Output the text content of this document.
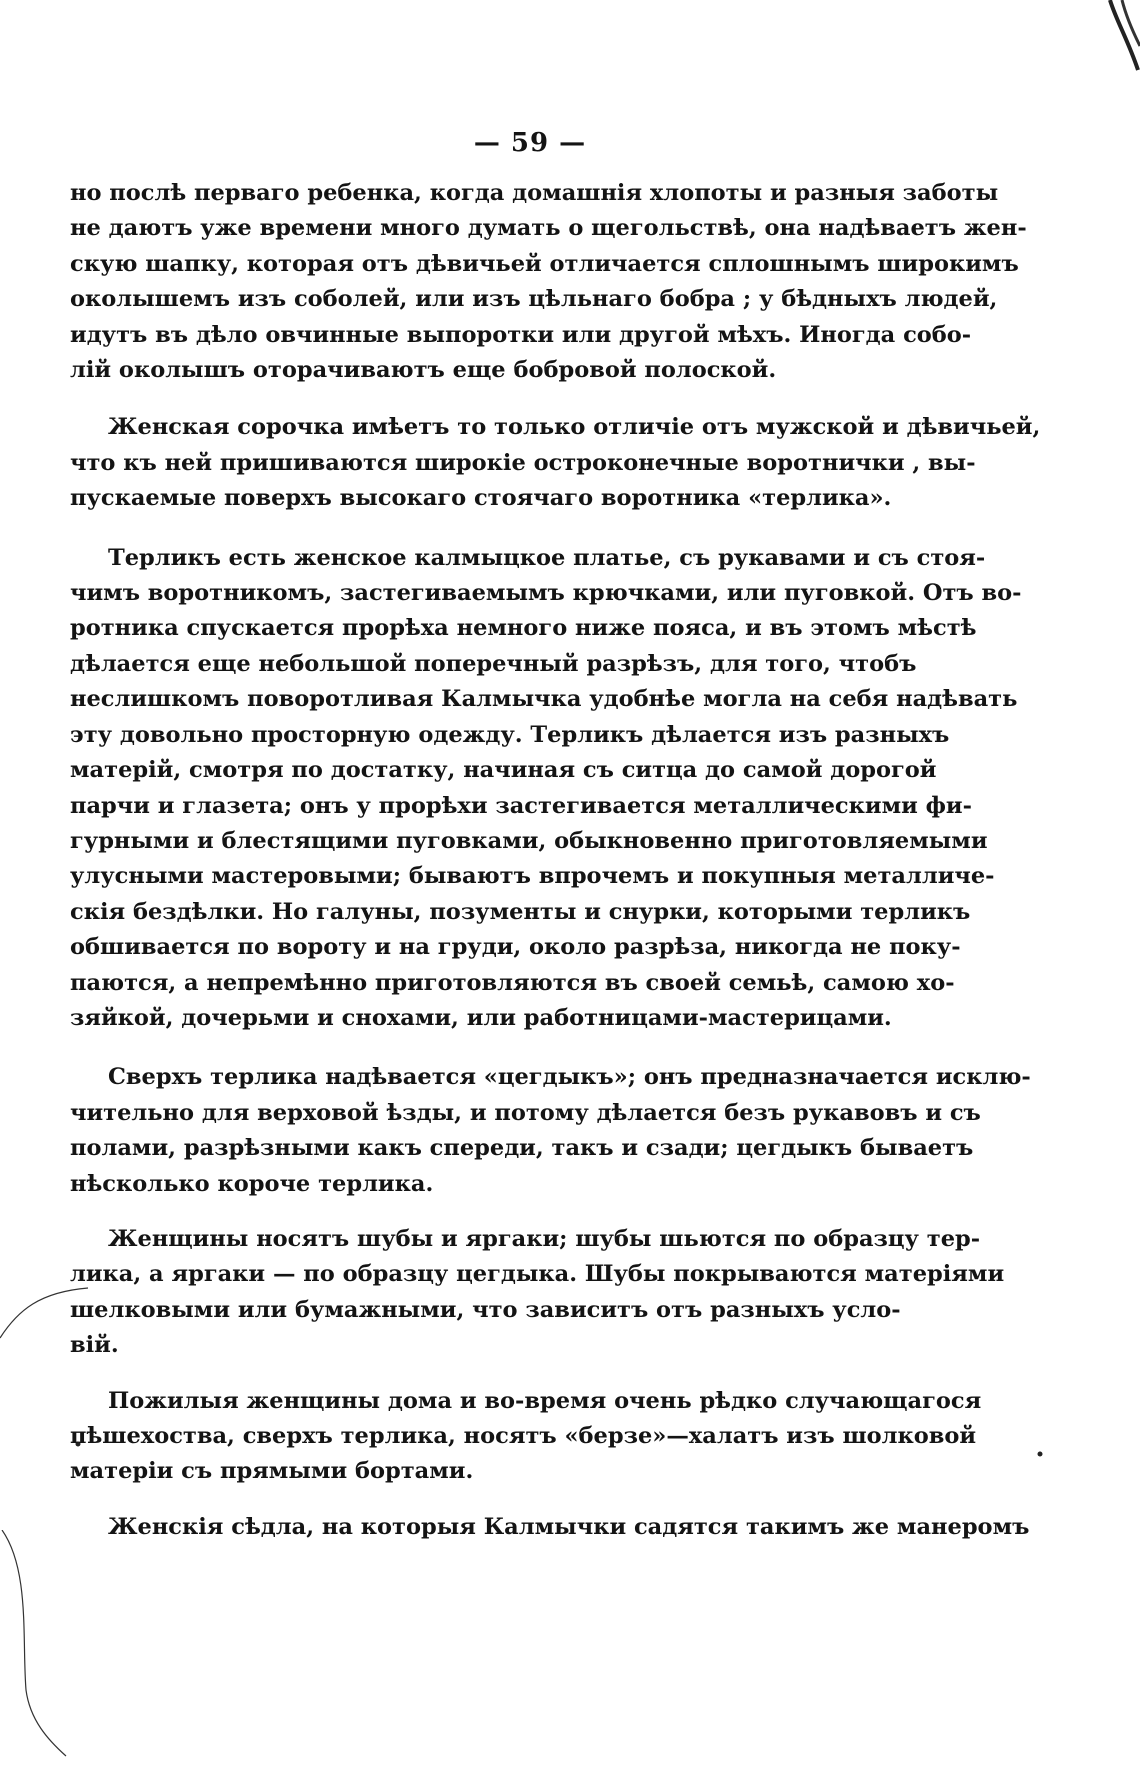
— 59 —

но послѣ перваго ребенка, когда домашнія хлопоты и разныя заботы
не даютъ уже времени много думать о щегольствѣ, она надѣваетъ жен-
скую шапку, которая отъ дѣвичьей отличается сплошнымъ широкимъ
околышемъ изъ соболей, или изъ цѣльнаго бобра ; у бѣдныхъ людей,
идутъ въ дѣло овчинные выпоротки или другой мѣхъ. Иногда собо-
лій околышъ оторачиваютъ еще бобровой полоской.

Женская сорочка имѣетъ то только отличіе отъ мужской и дѣвичьей,
что къ ней пришиваются широкіе остроконечные воротнички , вы-
пускаемые поверхъ высокаго стоячаго воротника «терлика».

Терликъ есть женское калмыцкое платье, съ рукавами и съ стоя-
чимъ воротникомъ, застегиваемымъ крючками, или пуговкой. Отъ во-
ротника спускается прорѣха немного ниже пояса, и въ этомъ мѣстѣ
дѣлается еще небольшой поперечный разрѣзъ, для того, чтобъ
неслишкомъ поворотливая Калмычка удобнѣе могла на себя надѣвать
эту довольно просторную одежду. Терликъ дѣлается изъ разныхъ
матерій, смотря по достатку, начиная съ ситца до самой дорогой
парчи и глазета; онъ у прорѣхи застегивается металлическими фи-
гурными и блестящими пуговками, обыкновенно приготовляемыми
улусными мастеровыми; бываютъ впрочемъ и покупныя металличе-
скія бездѣлки. Но галуны, позументы и снурки, которыми терликъ
обшивается по вороту и на груди, около разрѣза, никогда не поку-
паются, а непремѣнно приготовляются въ своей семьѣ, самою хо-
зяйкой, дочерьми и снохами, или работницами-мастерицами.

Сверхъ терлика надѣвается «цегдыкъ»; онъ предназначается исклю-
чительно для верховой ѣзды, и потому дѣлается безъ рукавовъ и съ
полами, разрѣзными какъ спереди, такъ и сзади; цегдыкъ бываетъ
нѣсколько короче терлика.

Женщины носятъ шубы и яргаки; шубы шьются по образцу тер-
лика, а яргаки — по образцу цегдыка. Шубы покрываются матеріями
шелковыми или бумажными, что зависитъ отъ разныхъ усло-
вій.

Пожилыя женщины дома и во-время очень рѣдко случающагося
пѣшехоства, сверхъ терлика, носятъ «берзе»—халатъ изъ шолковой
матеріи съ прямыми бортами.

Женскія сѣдла, на которыя Калмычки садятся такимъ же манеромъ
